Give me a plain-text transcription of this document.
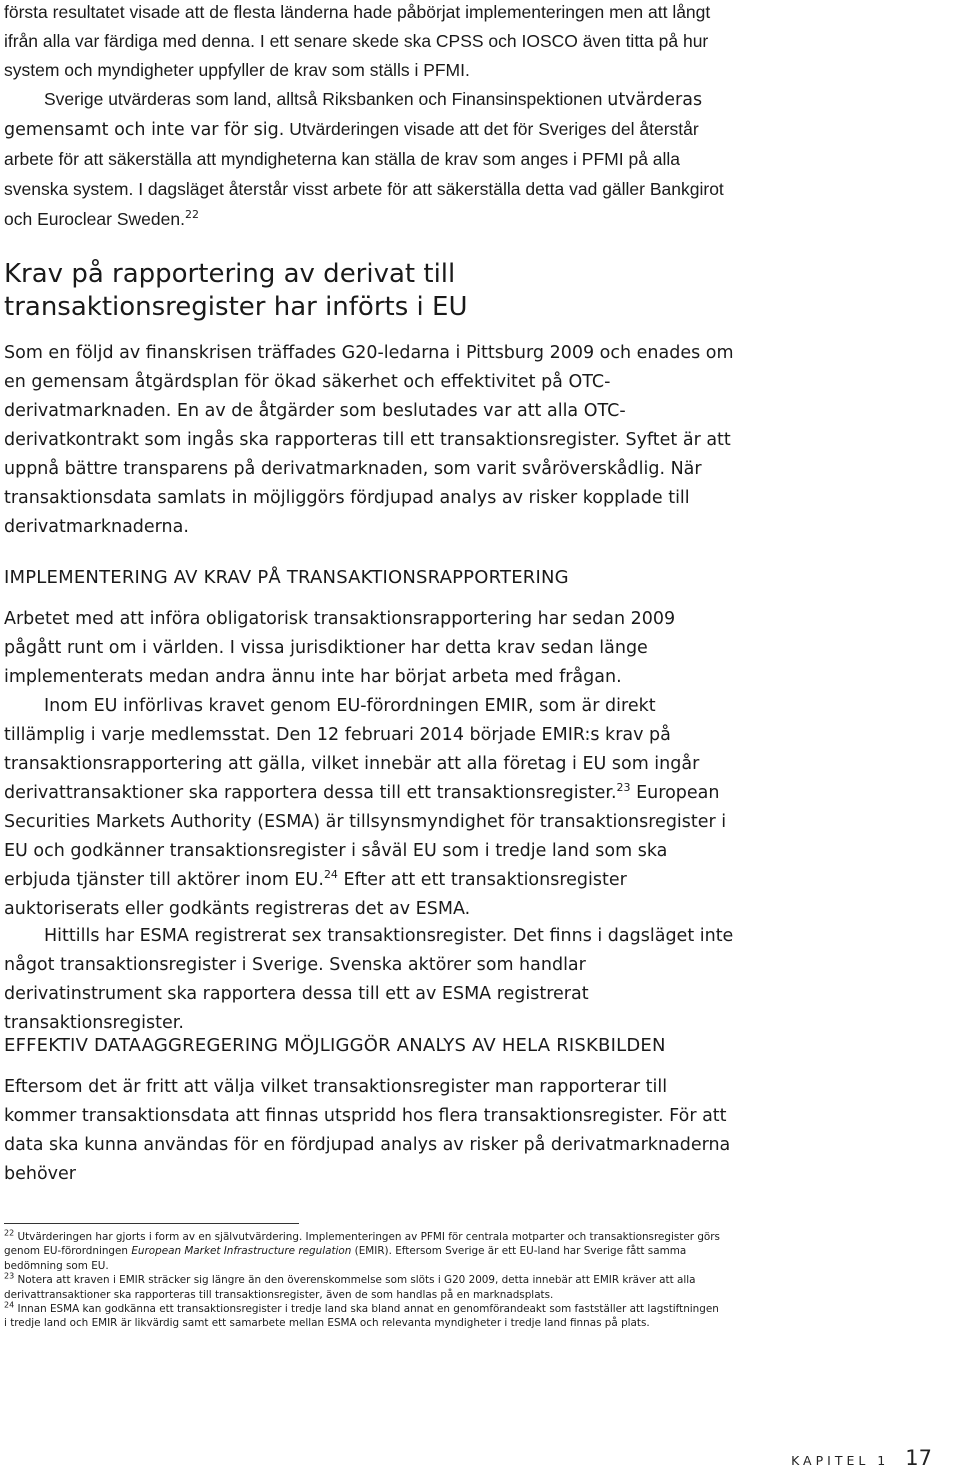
första resultatet visade att de flesta länderna hade påbörjat implementeringen men att långt ifrån alla var färdiga med denna. I ett senare skede ska CPSS och IOSCO även titta på hur system och myndigheter uppfyller de krav som ställs i PFMI.

Sverige utvärderas som land, alltså Riksbanken och Finansinspektionen utvärderas gemensamt och inte var för sig. Utvärderingen visade att det för Sveriges del återstår arbete för att säkerställa att myndigheterna kan ställa de krav som anges i PFMI på alla svenska system. I dagsläget återstår visst arbete för att säkerställa detta vad gäller Bankgirot och Euroclear Sweden.$^{22}$

Krav på rapportering av derivat till transaktionsregister har införts i EU

Som en följd av finanskrisen träffades G20-ledarna i Pittsburg 2009 och enades om en gemensam åtgärdsplan för ökad säkerhet och effektivitet på OTC-derivatmarknaden. En av de åtgärder som beslutades var att alla OTC-derivatkontrakt som ingås ska rapporteras till ett transaktionsregister. Syftet är att uppnå bättre transparens på derivatmarknaden, som varit svåröverskådlig. När transaktionsdata samlats in möjliggörs fördjupad analys av risker kopplade till derivatmarknaderna.

IMPLEMENTERING AV KRAV PÅ TRANSAKTIONSRAPPORTERING

Arbetet med att införa obligatorisk transaktionsrapportering har sedan 2009 pågått runt om i världen. I vissa jurisdiktioner har detta krav sedan länge implementerats medan andra ännu inte har börjat arbeta med frågan.

Inom EU införlivas kravet genom EU-förordningen EMIR, som är direkt tillämplig i varje medlemsstat. Den 12 februari 2014 började EMIR:s krav på transaktionsrapportering att gälla, vilket innebär att alla företag i EU som ingår derivattransaktioner ska rapportera dessa till ett transaktionsregister.$^{23}$ European Securities Markets Authority (ESMA) är tillsynsmyndighet för transaktionsregister i EU och godkänner transaktionsregister i såväl EU som i tredje land som ska erbjuda tjänster till aktörer inom EU.$^{24}$ Efter att ett transaktionsregister auktoriserats eller godkänts registreras det av ESMA.

Hittills har ESMA registrerat sex transaktionsregister. Det finns i dagsläget inte något transaktionsregister i Sverige. Svenska aktörer som handlar derivatinstrument ska rapportera dessa till ett av ESMA registrerat transaktionsregister.

EFFEKTIV DATAAGGREGERING MÖJLIGGÖR ANALYS AV HELA RISKBILDEN

Eftersom det är fritt att välja vilket transaktionsregister man rapporterar till kommer transaktionsdata att finnas utspridd hos flera transaktionsregister. För att data ska kunna användas för en fördjupad analys av risker på derivatmarknaderna behöver

$^{22}$ Utvärderingen har gjorts i form av en självutvärdering. Implementeringen av PFMI för centrala motparter och transaktionsregister görs genom EU-förordningen European Market Infrastructure regulation (EMIR). Eftersom Sverige är ett EU-land har Sverige fått samma bedömning som EU.

$^{23}$ Notera att kraven i EMIR sträcker sig längre än den överenskommelse som slöts i G20 2009, detta innebär att EMIR kräver att alla derivattransaktioner ska rapporteras till transaktionsregister, även de som handlas på en marknadsplats.

$^{24}$ Innan ESMA kan godkänna ett transaktionsregister i tredje land ska bland annat en genomförandeakt som fastställer att lagstiftningen i tredje land och EMIR är likvärdig samt ett samarbete mellan ESMA och relevanta myndigheter i tredje land finnas på plats.

KAPITEL 1 17
